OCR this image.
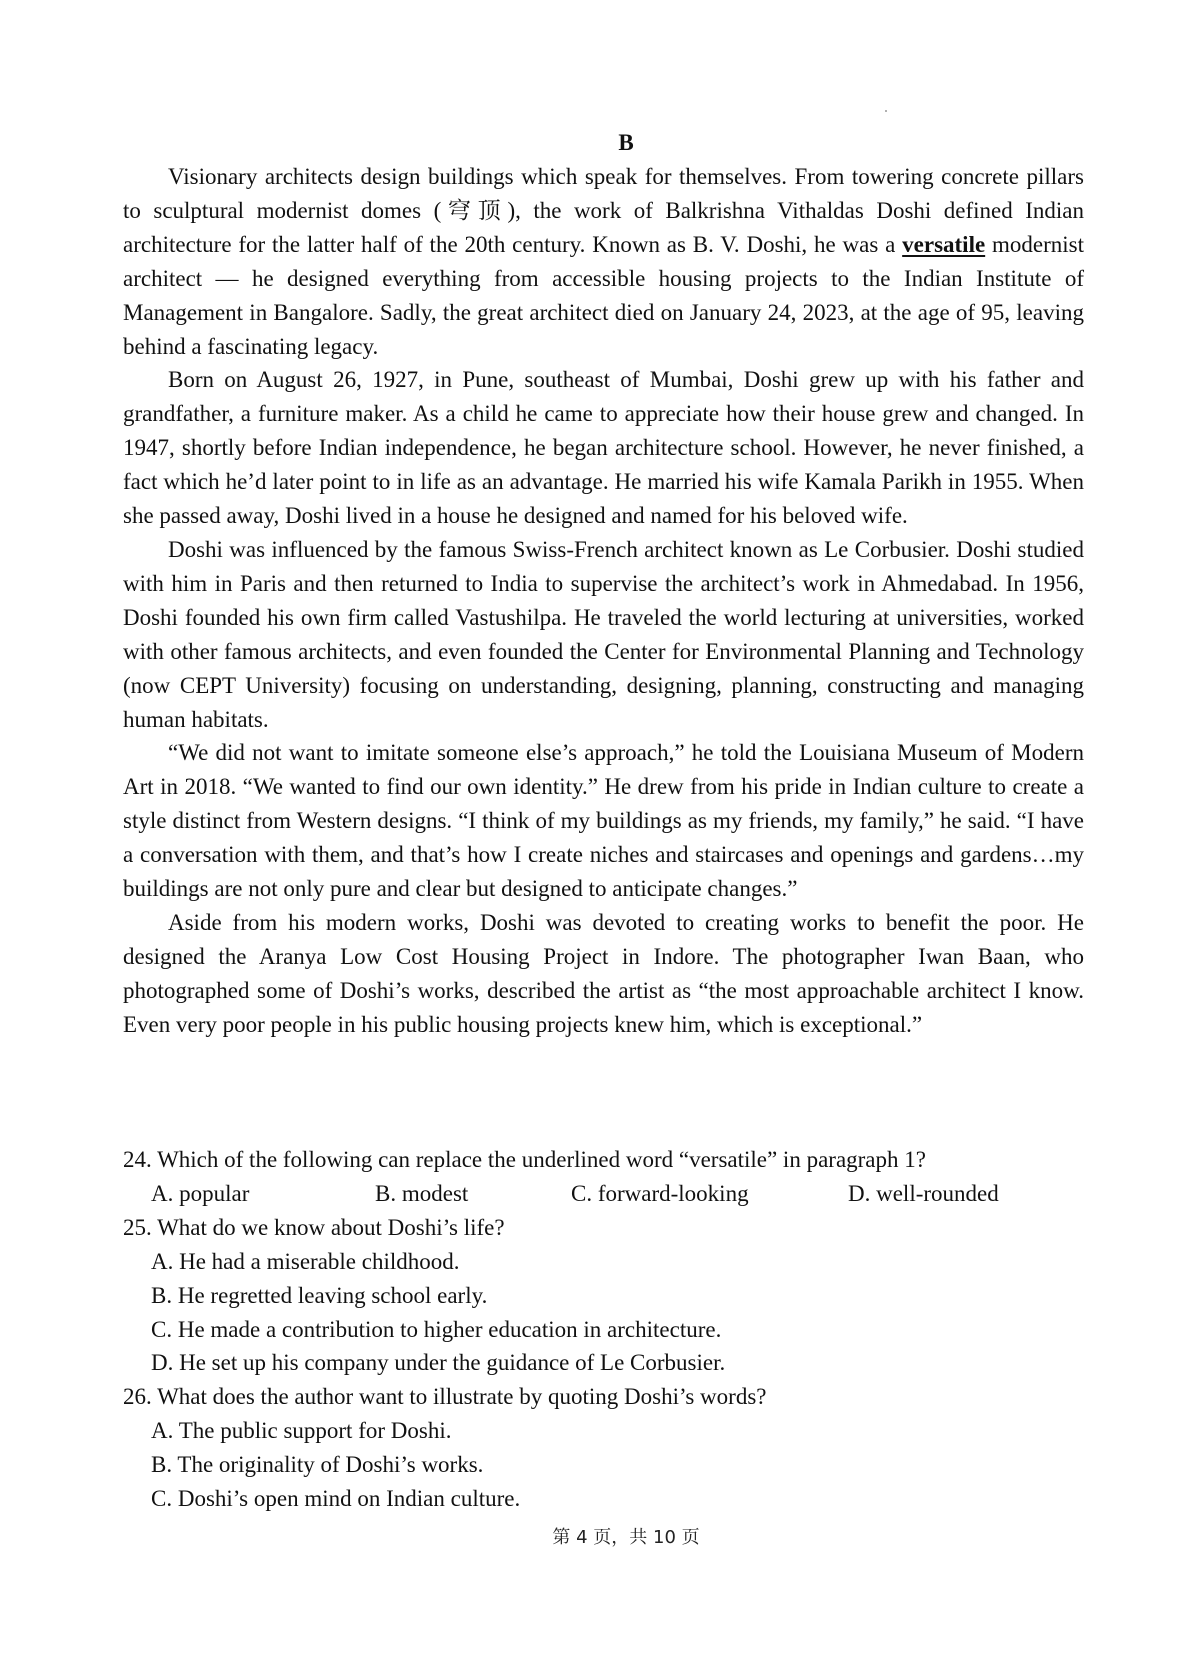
B

Visionary architects design buildings which speak for themselves. From towering concrete pillars to sculptural modernist domes (穹顶), the work of Balkrishna Vithaldas Doshi defined Indian architecture for the latter half of the 20th century. Known as B. V. Doshi, he was a versatile modernist architect — he designed everything from accessible housing projects to the Indian Institute of Management in Bangalore. Sadly, the great architect died on January 24, 2023, at the age of 95, leaving behind a fascinating legacy.

Born on August 26, 1927, in Pune, southeast of Mumbai, Doshi grew up with his father and grandfather, a furniture maker. As a child he came to appreciate how their house grew and changed. In 1947, shortly before Indian independence, he began architecture school. However, he never finished, a fact which he’d later point to in life as an advantage. He married his wife Kamala Parikh in 1955. When she passed away, Doshi lived in a house he designed and named for his beloved wife.

Doshi was influenced by the famous Swiss-French architect known as Le Corbusier. Doshi studied with him in Paris and then returned to India to supervise the architect’s work in Ahmedabad. In 1956, Doshi founded his own firm called Vastushilpa. He traveled the world lecturing at universities, worked with other famous architects, and even founded the Center for Environmental Planning and Technology (now CEPT University) focusing on understanding, designing, planning, constructing and managing human habitats.

“We did not want to imitate someone else’s approach,” he told the Louisiana Museum of Modern Art in 2018. “We wanted to find our own identity.” He drew from his pride in Indian culture to create a style distinct from Western designs. “I think of my buildings as my friends, my family,” he said. “I have a conversation with them, and that’s how I create niches and staircases and openings and gardens…my buildings are not only pure and clear but designed to anticipate changes.”

Aside from his modern works, Doshi was devoted to creating works to benefit the poor. He designed the Aranya Low Cost Housing Project in Indore. The photographer Iwan Baan, who photographed some of Doshi’s works, described the artist as “the most approachable architect I know. Even very poor people in his public housing projects knew him, which is exceptional.”

24. Which of the following can replace the underlined word “versatile” in paragraph 1?

A. popular	B. modest	C. forward-looking	D. well-rounded

25. What do we know about Doshi’s life?

A. He had a miserable childhood.

B. He regretted leaving school early.

C. He made a contribution to higher education in architecture.

D. He set up his company under the guidance of Le Corbusier.

26. What does the author want to illustrate by quoting Doshi’s words?

A. The public support for Doshi.

B. The originality of Doshi’s works.

C. Doshi’s open mind on Indian culture.

第 4 页，共 10 页
